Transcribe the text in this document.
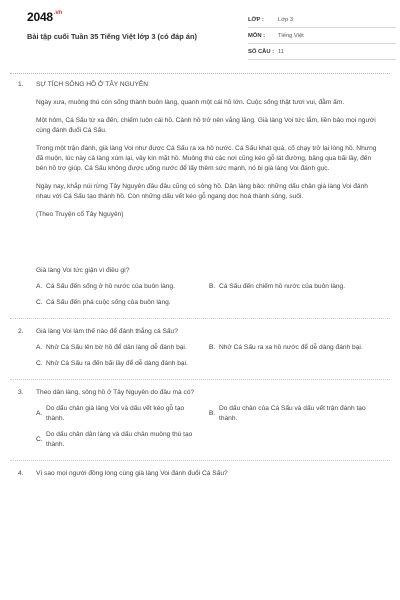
$2048^{.vn}$
Bài tập cuối Tuần 35 Tiếng Việt lớp 3 (có đáp án)
LỚP :	Lớp 3
MÔN :	Tiếng Việt
SỐ CÂU : 11
1.	SỰ TÍCH SÔNG HỒ Ở TÂY NGUYÊN

Ngày xưa, muông thú còn sống thành buôn làng, quanh một cái hồ lớn. Cuộc sống thật tươi vui, đằm ấm.

Một hôm, Cá Sấu từ xa đến, chiếm luôn cái hồ. Cảnh hồ trở nên vắng lặng. Già làng Voi tức lắm, liền bảo mọi người cùng đánh đuổi Cá Sấu.

Trong một trận đánh, già làng Voi như được Cá Sấu ra xa hồ nước. Cá Sấu khát quá, cố chạy trở lại lòng hồ. Nhưng đã muộn, lúc này cả làng xúm lại, vây kín mặt hồ. Muông thú các nơi cũng kéo gỗ lát đường, băng qua bãi lầy, đến bên hồ trợ giúp. Cá Sấu không được uống nước để lấy thêm sức mạnh, nó bị già làng Voi đánh gục.

Ngày nay, khắp núi rừng Tây Nguyên đâu đâu cũng có sông hồ. Dân làng bảo: những dấu chân già làng Voi đánh nhau với Cá Sấu tạo thành hồ. Còn những dấu vết kéo gỗ ngang dọc hoá thành sông, suối.

(Theo Truyện cổ Tây Nguyên)

Già làng Voi tức giận vì điều gì?
A. Cá Sấu đến sống ở hồ nước của buôn làng.	B. Cá Sấu đến chiếm hồ nước của buôn làng.
C. Cá Sấu đến phá cuộc sống của buôn làng.
2.	Già làng Voi làm thế nào để đánh thắng cá Sấu?
A. Nhử Cá Sấu lên bờ hồ để dân làng dễ đánh bại.	B. Nhử Cá Sấu ra xa hồ nước để dễ dàng đánh bại.
C. Nhử Cá Sấu ra đến bãi lầy để dễ dàng đánh bại.
3.	Theo dân làng, sông hồ ở Tây Nguyên do đâu mà có?
A.
Do dấu chân già làng Voi và dấu vết kéo gỗ tạo thành.
B.
Do dấu chân của Cá Sấu và dấu vết trận đánh tạo thành.
C.
Do dấu chân dân làng và dấu chân muông thú tạo thành.
4.	Vì sao mọi người đồng lòng cùng già làng Voi đánh đuổi Cá Sấu?
